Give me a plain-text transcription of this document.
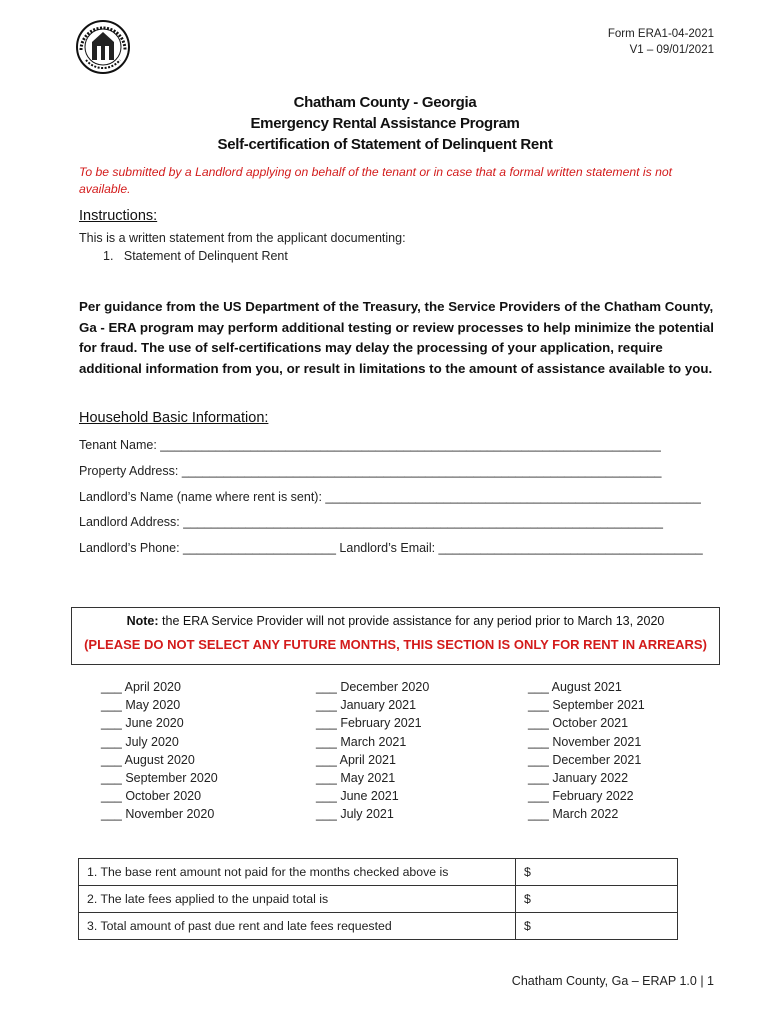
Form ERA1-04-2021
V1 – 09/01/2021
Chatham County - Georgia
Emergency Rental Assistance Program
Self-certification of Statement of Delinquent Rent
To be submitted by a Landlord applying on behalf of the tenant or in case that a formal written statement is not available.
Instructions:
This is a written statement from the applicant documenting:
1. Statement of Delinquent Rent
Per guidance from the US Department of the Treasury, the Service Providers of the Chatham County, Ga - ERA program may perform additional testing or review processes to help minimize the potential for fraud. The use of self-certifications may delay the processing of your application, require additional information from you, or result in limitations to the amount of assistance available to you.
Household Basic Information:
Tenant Name: ________________________________________________________________________
Property Address: _____________________________________________________________________
Landlord’s Name (name where rent is sent): ______________________________________________________
Landlord Address: _____________________________________________________________________
Landlord’s Phone: ______________________ Landlord’s Email: ______________________________________
Note: the ERA Service Provider will not provide assistance for any period prior to March 13, 2020
(PLEASE DO NOT SELECT ANY FUTURE MONTHS, THIS SECTION IS ONLY FOR RENT IN ARREARS)
___ April 2020
___ May 2020
___ June 2020
___ July 2020
___ August 2020
___ September 2020
___ October 2020
___ November 2020
___ December 2020
___ January 2021
___ February 2021
___ March 2021
___ April 2021
___ May 2021
___ June 2021
___ July 2021
___ August 2021
___ September 2021
___ October 2021
___ November 2021
___ December 2021
___ January 2022
___ February 2022
___ March 2022
1. The base rent amount not paid for the months checked above is	$
2. The late fees applied to the unpaid total is	$
3. Total amount of past due rent and late fees requested	$
Chatham County, Ga – ERAP 1.0 | 1
